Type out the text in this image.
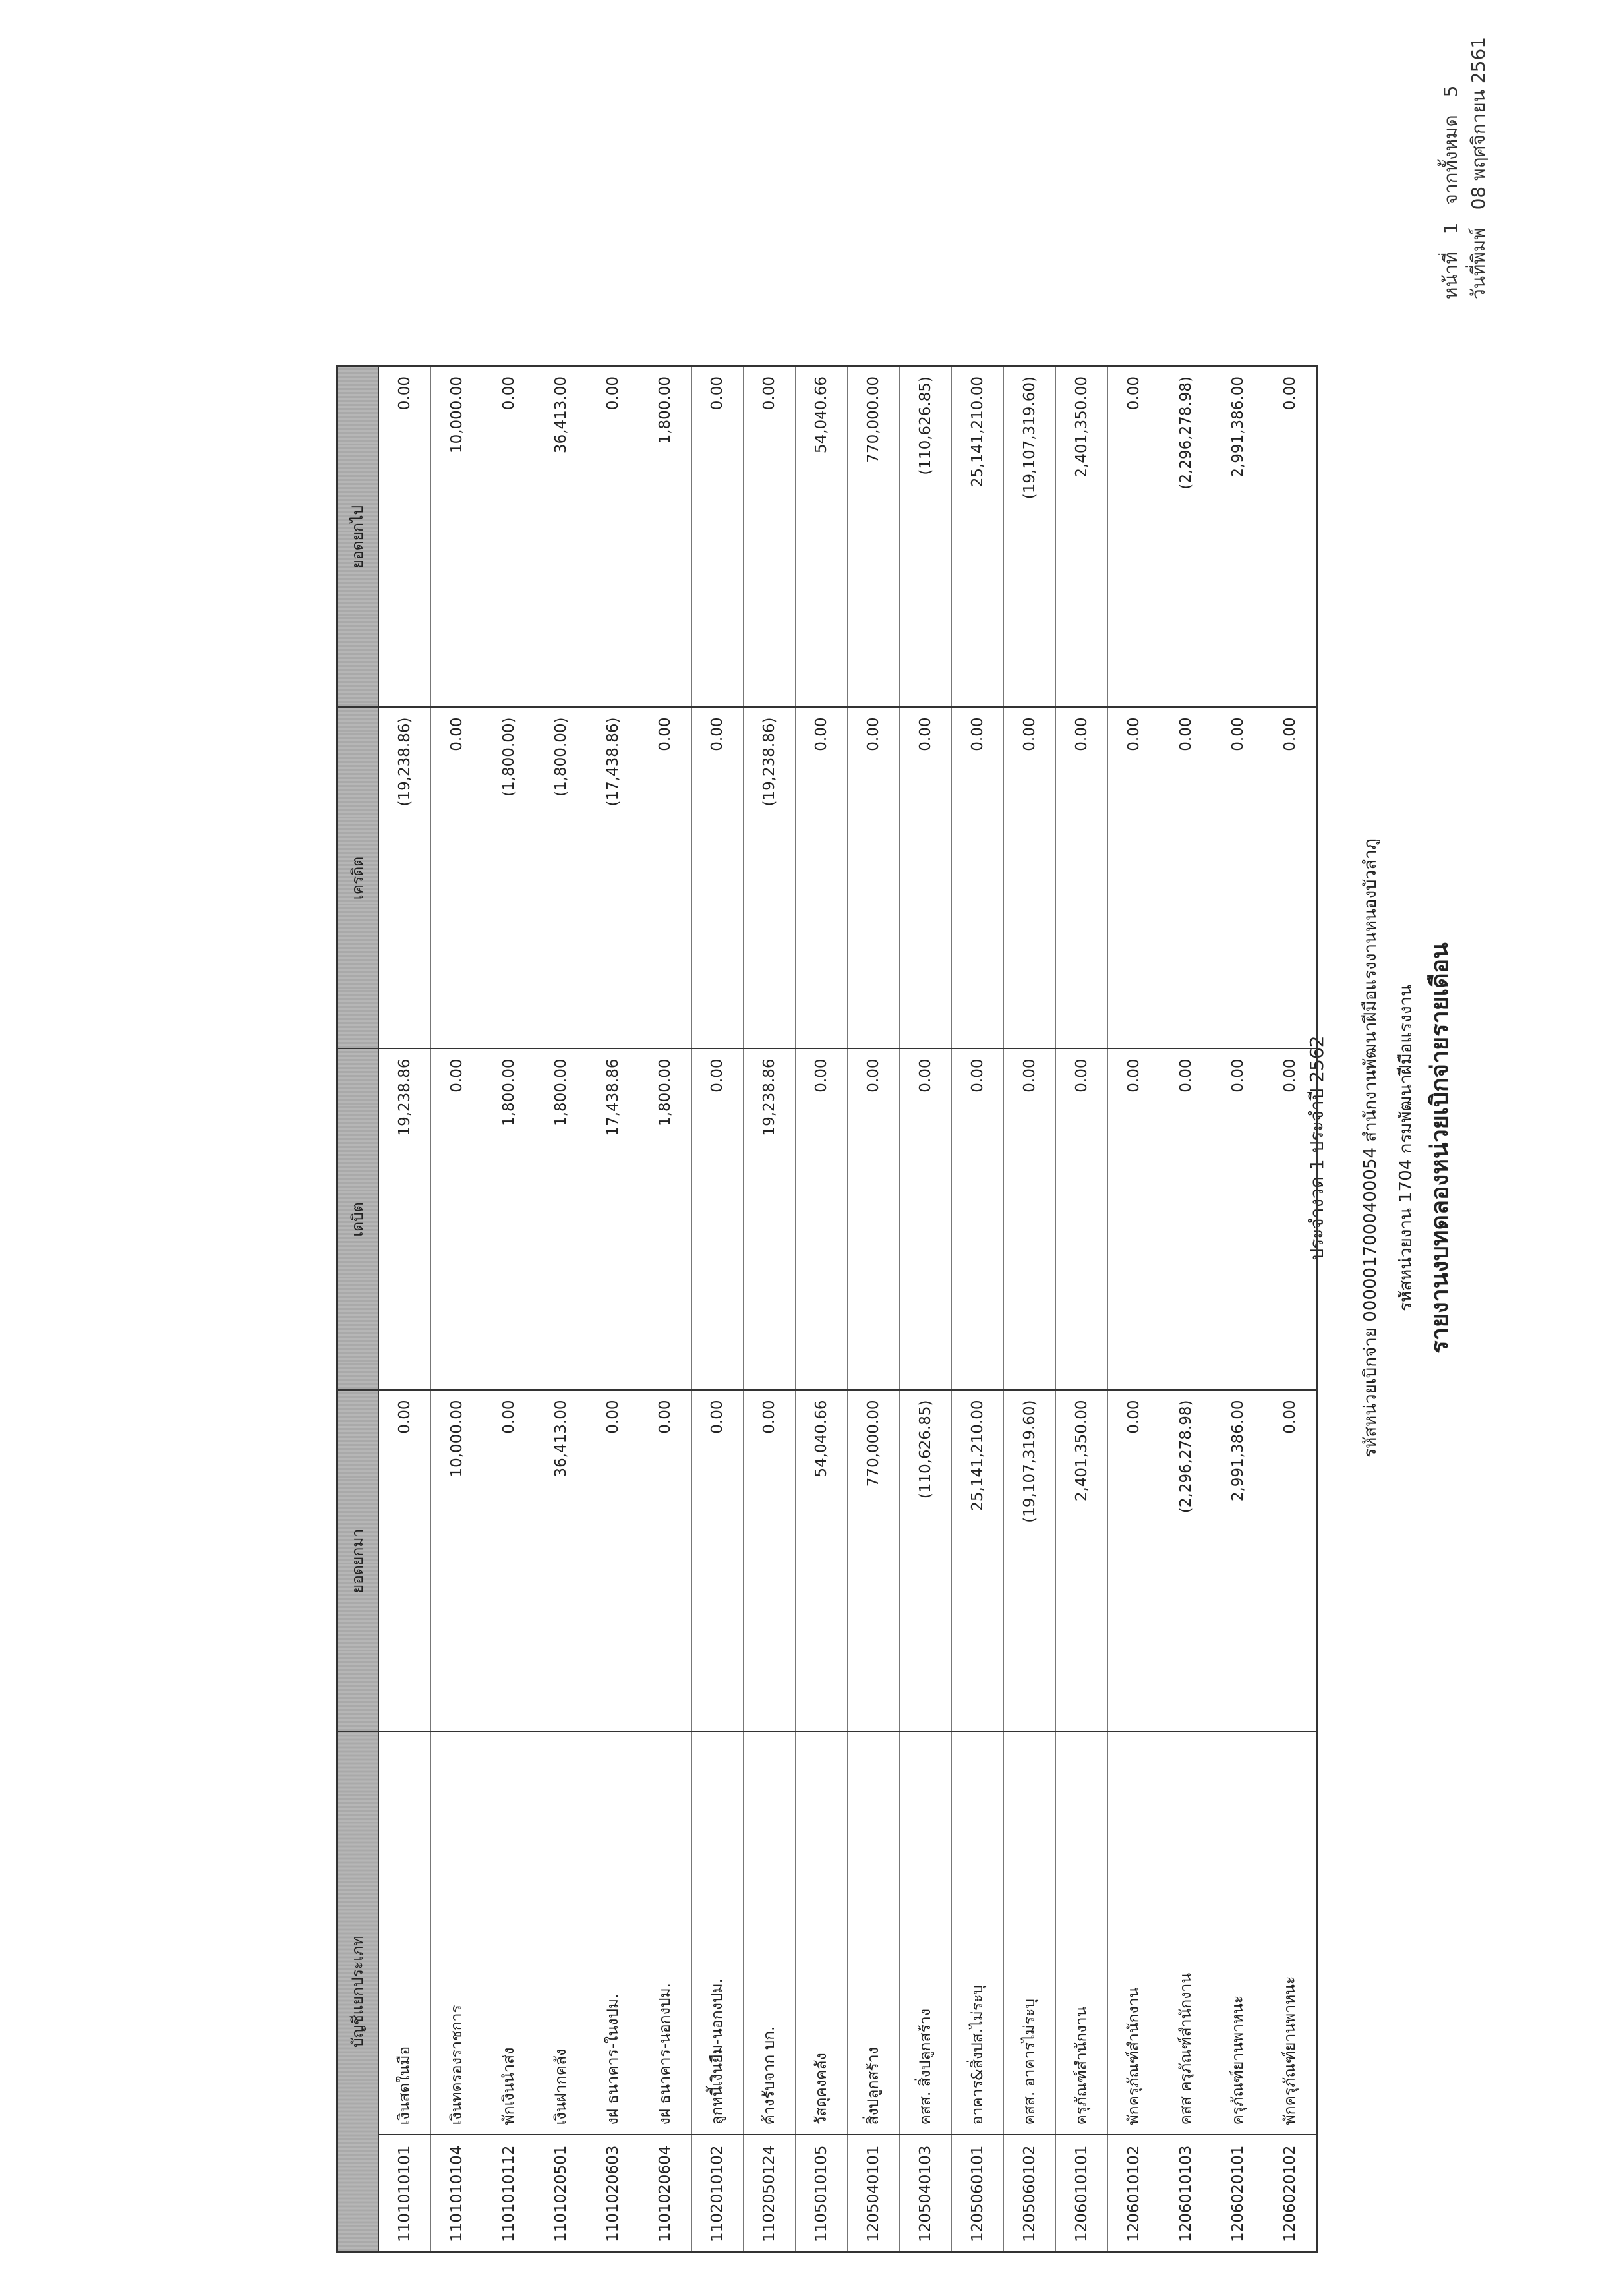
หน้าที่ 1 จากทั้งหมด 5
วันที่พิมพ์ 08 พฤศจิกายน 2561
รายงานงบทดลองหน่วยเบิกจ่ายรายเดือน
รหัสหน่วยงาน 1704 กรมพัฒนาฝีมือแรงงาน
รหัสหน่วยเบิกจ่าย 0000017000400054 สำนักงานพัฒนาฝีมือแรงงานหนองบัวลำภู
ประจำงวด 1 ประจำปี 2562
บัญชีแยกประเภท		ยอดยกมา	เดบิต	เครดิต	ยอดยกไป
1101010101	เงินสดในมือ	0.00	19,238.86	(19,238.86)	0.00
1101010104	เงินทดรองราชการ	10,000.00	0.00	0.00	10,000.00
1101010112	พักเงินนำส่ง	0.00	1,800.00	(1,800.00)	0.00
1101020501	เงินฝากคลัง	36,413.00	1,800.00	(1,800.00)	36,413.00
1101020603	งฝ ธนาคาร-ในงปม.	0.00	17,438.86	(17,438.86)	0.00
1101020604	งฝ ธนาคาร-นอกงปม.	0.00	1,800.00	0.00	1,800.00
1102010102	ลูกหนี้เงินยืม-นอกงปม.	0.00	0.00	0.00	0.00
1102050124	ค้างรับจาก บก.	0.00	19,238.86	(19,238.86)	0.00
1105010105	วัสดุคงคลัง	54,040.66	0.00	0.00	54,040.66
1205040101	สิ่งปลูกสร้าง	770,000.00	0.00	0.00	770,000.00
1205040103	คสส. สิ่งปลูกสร้าง	(110,626.85)	0.00	0.00	(110,626.85)
1205060101	อาคาร&สิ่งปส.ไม่ระบุ	25,141,210.00	0.00	0.00	25,141,210.00
1205060102	คสส. อาคารไม่ระบุ	(19,107,319.60)	0.00	0.00	(19,107,319.60)
1206010101	ครุภัณฑ์สำนักงาน	2,401,350.00	0.00	0.00	2,401,350.00
1206010102	พักครุภัณฑ์สำนักงาน	0.00	0.00	0.00	0.00
1206010103	คสส ครุภัณฑ์สำนักงาน	(2,296,278.98)	0.00	0.00	(2,296,278.98)
1206020101	ครุภัณฑ์ยานพาหนะ	2,991,386.00	0.00	0.00	2,991,386.00
1206020102	พักครุภัณฑ์ยานพาหนะ	0.00	0.00	0.00	0.00
